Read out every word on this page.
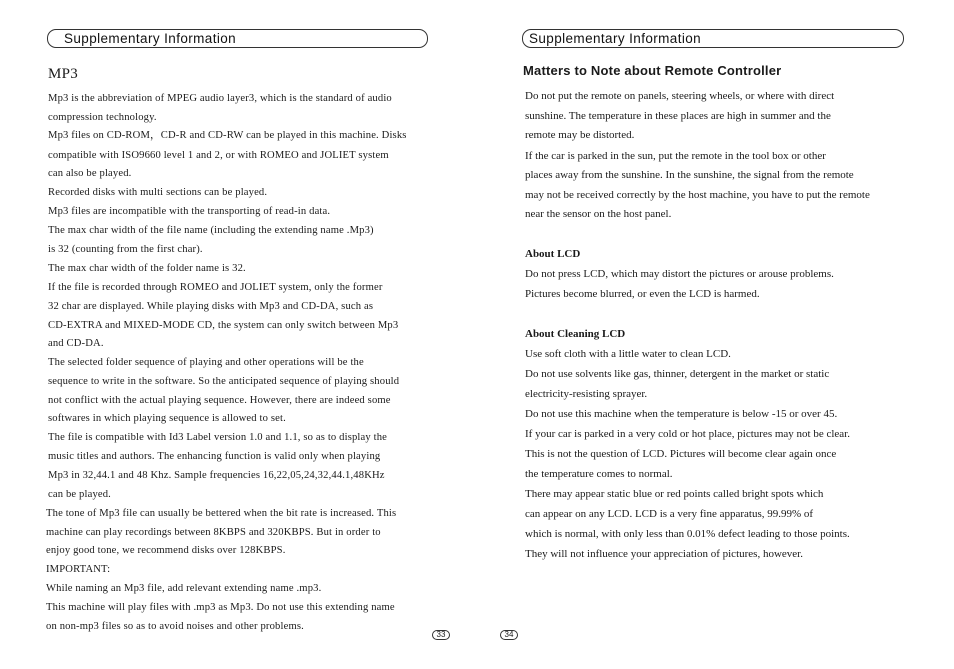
Supplementary Information
MP3
Mp3 is the abbreviation of MPEG audio layer3, which is the standard of audio
compression technology.
Mp3 files on CD-ROM，CD-R and CD-RW can be played in this machine. Disks
compatible with ISO9660 level 1 and 2, or with ROMEO and JOLIET system
can also be played.
Recorded disks with multi sections can be played.
Mp3 files are incompatible with the transporting of read-in data.
The max char width of the file name (including the extending name .Mp3)
is 32 (counting from the first char).
The max char width of the folder name is 32.
If the file is recorded through ROMEO and JOLIET system, only the former
32 char are displayed. While playing disks with Mp3 and CD-DA, such as
CD-EXTRA and MIXED-MODE CD, the system can only switch between Mp3
and CD-DA.
The selected folder sequence of playing and other operations will be the
sequence to write in the software. So the anticipated sequence of playing should
not conflict with the actual playing sequence. However, there are indeed some
softwares in which playing sequence is allowed to set.
The file is compatible with Id3 Label version 1.0 and 1.1, so as to display the
music titles and authors. The enhancing function is valid only when playing
Mp3 in 32,44.1 and 48 Khz. Sample frequencies 16,22,05,24,32,44.1,48KHz
can be played.
The tone of Mp3 file can usually be bettered when the bit rate is increased. This
machine can play recordings between 8KBPS and 320KBPS. But in order to
enjoy good tone, we recommend disks over 128KBPS.
IMPORTANT:
While naming an Mp3 file, add relevant extending name .mp3.
This machine will play files with .mp3 as Mp3. Do not use this extending name
on non-mp3 files so as to avoid noises and other problems.
33
Supplementary Information
Matters to Note about Remote Controller
Do not put the remote on panels, steering wheels, or where with direct
sunshine. The temperature in these places are high in summer and the
remote may be distorted.
If the car is parked in the sun, put the remote in the tool box or other
places away from the sunshine. In the sunshine, the signal from the remote
may not be received correctly by the host machine, you have to put the remote
near the sensor on the host panel.
About LCD
Do not press LCD, which may distort the pictures or arouse problems.
Pictures become blurred, or even the LCD is harmed.
About Cleaning LCD
Use soft cloth with a little water to clean LCD.
Do not use solvents like gas, thinner, detergent in the market or static
electricity-resisting sprayer.
Do not use this machine when the temperature is below -15 or over 45.
If your car is parked in a very cold or hot place, pictures may not be clear.
This is not the question of LCD. Pictures will become clear again once
the temperature comes to normal.
There may appear static blue or red points called bright spots which
can appear on any LCD. LCD is a very fine apparatus, 99.99% of
which is normal, with only less than 0.01% defect leading to those points.
They will not influence your appreciation of pictures, however.
34
